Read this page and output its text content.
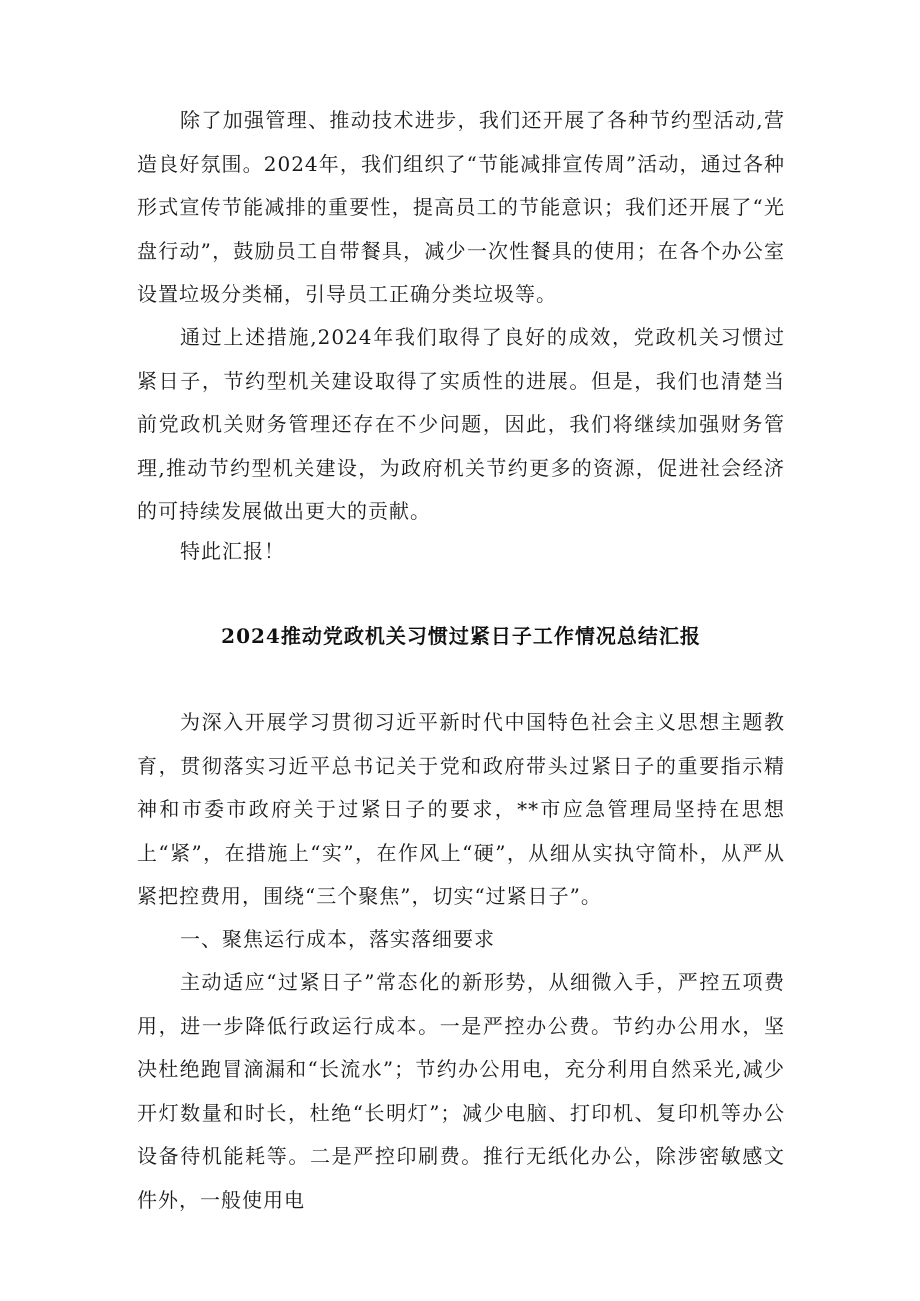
除了加强管理、推动技术进步，我们还开展了各种节约型活动,营造良好氛围。2024年，我们组织了“节能减排宣传周”活动，通过各种形式宣传节能减排的重要性，提高员工的节能意识；我们还开展了“光盘行动”，鼓励员工自带餐具，减少一次性餐具的使用；在各个办公室设置垃圾分类桶，引导员工正确分类垃圾等。

通过上述措施,2024年我们取得了良好的成效，党政机关习惯过紧日子，节约型机关建设取得了实质性的进展。但是，我们也清楚当前党政机关财务管理还存在不少问题，因此，我们将继续加强财务管理,推动节约型机关建设，为政府机关节约更多的资源，促进社会经济的可持续发展做出更大的贡献。

特此汇报！

2024推动党政机关习惯过紧日子工作情况总结汇报

为深入开展学习贯彻习近平新时代中国特色社会主义思想主题教育，贯彻落实习近平总书记关于党和政府带头过紧日子的重要指示精神和市委市政府关于过紧日子的要求，**市应急管理局坚持在思想上“紧”，在措施上“实”，在作风上“硬”，从细从实执守简朴，从严从紧把控费用，围绕“三个聚焦”，切实“过紧日子”。

一、聚焦运行成本，落实落细要求

主动适应“过紧日子”常态化的新形势，从细微入手，严控五项费用，进一步降低行政运行成本。一是严控办公费。节约办公用水，坚决杜绝跑冒滴漏和“长流水”；节约办公用电，充分利用自然采光,减少开灯数量和时长，杜绝“长明灯”；减少电脑、打印机、复印机等办公设备待机能耗等。二是严控印刷费。推行无纸化办公，除涉密敏感文件外，一般使用电
